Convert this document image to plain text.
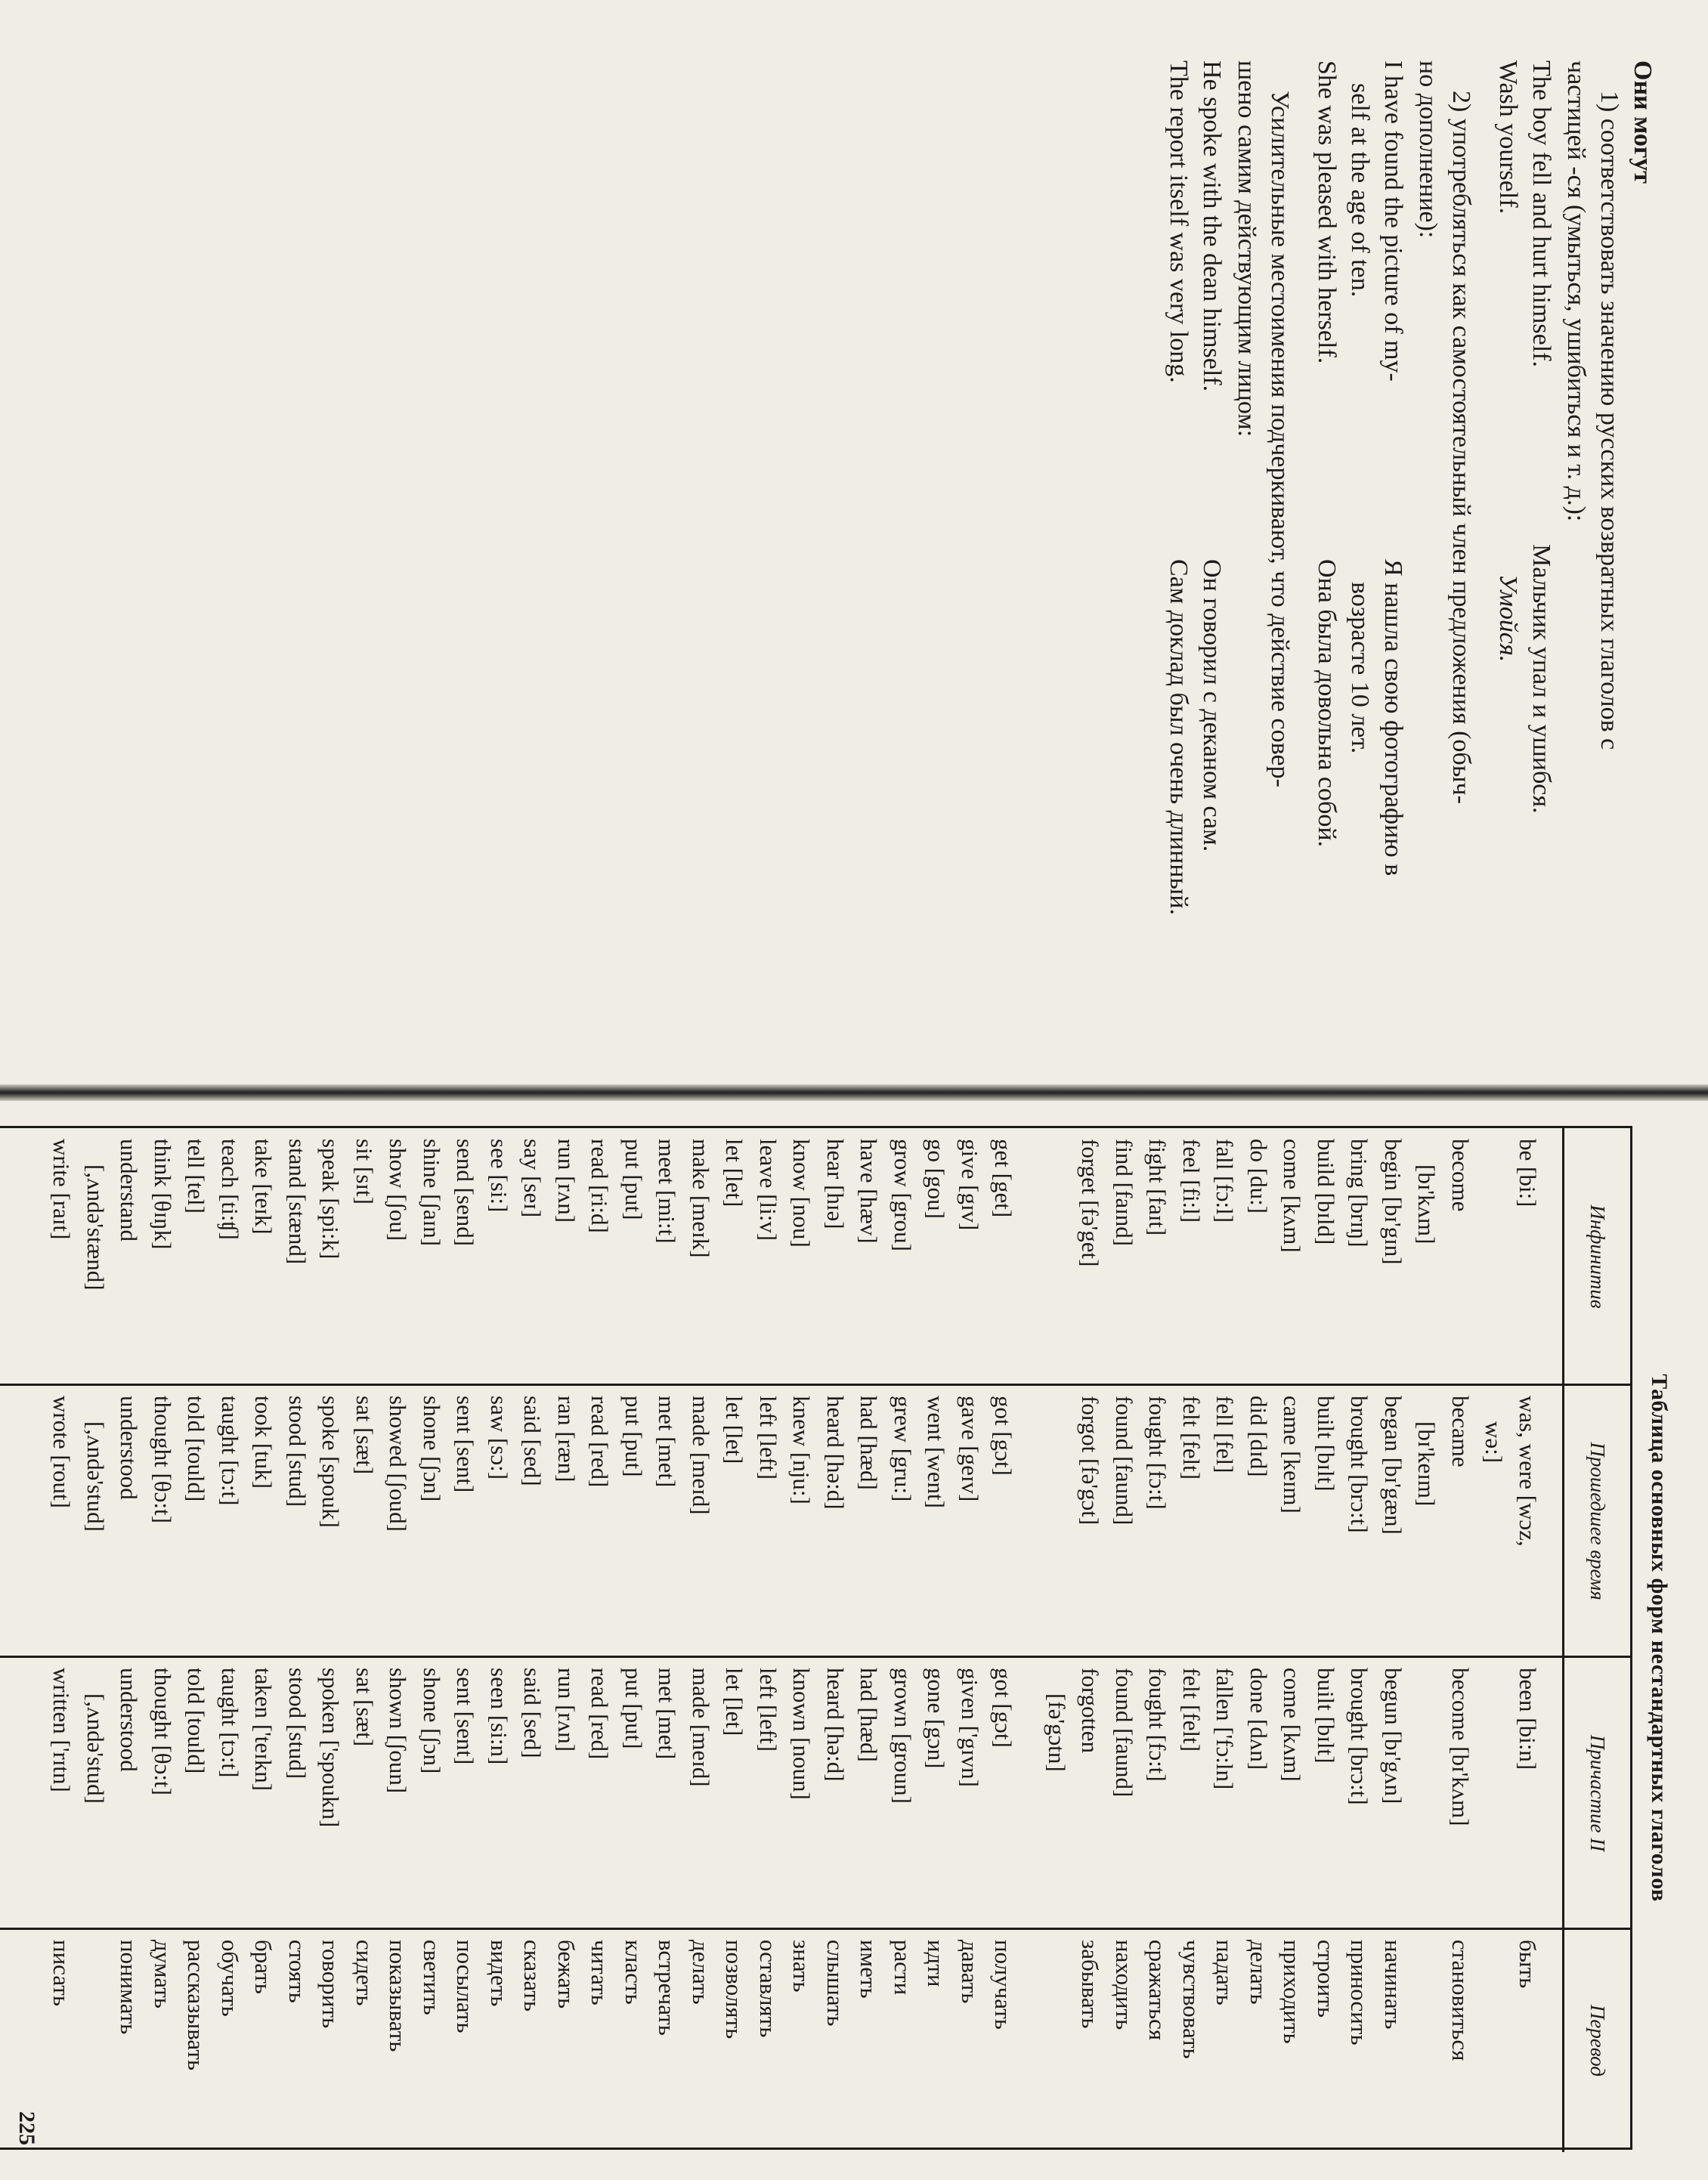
Они могут
1) соответствовать значению русских возвратных глаголов с
частицей -ся (умыться, ушибиться и т. д.):
The boy fell and hurt himself.
Мальчик упал и ушибся.
Wash yourself.
Умойся.
2) употребляться как самостоятельный член предложения (обыч-
но дополнение):
I have found the picture of my-
Я нашла свою фотографию в
self at the age of ten.
возрасте 10 лет.
She was pleased with herself.
Она была довольна собой.
Усилительные местоимения подчеркивают, что действие совер-
шено самим действующим лицом:
He spoke with the dean himself.
Он говорил с деканом сам.
The report itself was very long.
Сам доклад был очень длинный.
Таблица основных форм нестандартных глаголов
Инфинитив
Прошедшее время
Причастие II
Перевод
be [bi:]
was, were [wɔz,
been [bi:n]
быть
wə:]
become
became
become [bɪ'kʌm]
становиться
[bɪ'kʌm]
[bɪ'keɪm]
begin [bɪ'gɪn]
began [bɪ'gæn]
begun [bɪ'gʌn]
начинать
bring [brɪŋ]
brought [brɔ:t]
brought [brɔ:t]
приносить
build [bɪld]
built [bɪlt]
built [bɪlt]
строить
come [kʌm]
came [keɪm]
come [kʌm]
приходить
do [du:]
did [dɪd]
done [dʌn]
делать
fall [fɔ:l]
fell [fel]
fallen ['fɔ:ln]
падать
feel [fi:l]
felt [felt]
felt [felt]
чувствовать
fight [faɪt]
fought [fɔ:t]
fought [fɔ:t]
сражаться
find [faɪnd]
found [faund]
found [faund]
находить
forget [fə'get]
forgot [fə'gɔt]
forgotten
забывать
[fə'gɔtn]
get [get]
got [gɔt]
got [gɔt]
получать
give [gɪv]
gave [geɪv]
given ['gɪvn]
давать
go [gou]
went [went]
gone [gɔn]
идти
grow [grou]
grew [gru:]
grown [groun]
расти
have [hæv]
had [hæd]
had [hæd]
иметь
hear [hɪə]
heard [hə:d]
heard [hə:d]
слышать
know [nou]
knew [nju:]
known [noun]
знать
leave [li:v]
left [left]
left [left]
оставлять
let [let]
let [let]
let [let]
позволять
make [meɪk]
made [meɪd]
made [meɪd]
делать
meet [mi:t]
met [met]
met [met]
встречать
put [put]
put [put]
put [put]
класть
read [ri:d]
read [red]
read [red]
читать
run [rʌn]
ran [ræn]
run [rʌn]
бежать
say [seɪ]
said [sed]
said [sed]
сказать
see [si:]
saw [sɔ:]
seen [si:n]
видеть
send [send]
sent [sent]
sent [sent]
посылать
shine [ʃaɪn]
shone [ʃɔn]
shone [ʃɔn]
светить
show [ʃou]
showed [ʃoud]
shown [ʃoun]
показывать
sit [sɪt]
sat [sæt]
sat [sæt]
сидеть
speak [spi:k]
spoke [spouk]
spoken ['spoukn]
говорить
stand [stænd]
stood [stud]
stood [stud]
стоять
take [teɪk]
took [tuk]
taken ['teɪkn]
брать
teach [ti:ʧ]
taught [tɔ:t]
taught [tɔ:t]
обучать
tell [tel]
told [tould]
told [tould]
рассказывать
think [θɪŋk]
thought [θɔ:t]
thought [θɔ:t]
думать
understand
understood
understood
понимать
[,ʌndə'stænd]
[,ʌndə'stud]
[,ʌndə'stud]
write [raɪt]
wrote [rout]
written ['rɪtn]
писать
225
